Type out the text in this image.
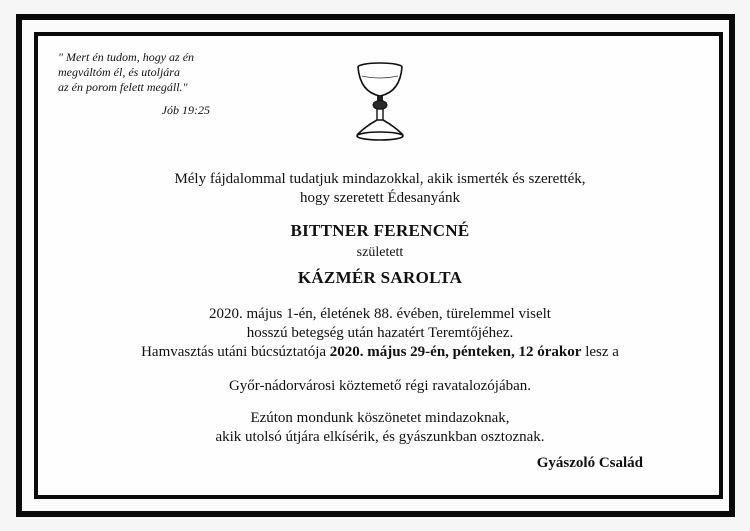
" Mert én tudom, hogy az én
megváltóm él, és utoljára
az én porom felett megáll."
Jób 19:25
Mély fájdalommal tudatjuk mindazokkal, akik ismerték és szerették,
hogy szeretett Édesanyánk
BITTNER FERENCNÉ
született
KÁZMÉR SAROLTA
2020. május 1-én, életének 88. évében, türelemmel viselt
hosszú betegség után hazatért Teremtőjéhez.
Hamvasztás utáni búcsúztatója 2020. május 29-én, pénteken, 12 órakor lesz a
Győr-nádorvárosi köztemető régi ravatalozójában.
Ezúton mondunk köszönetet mindazoknak,
akik utolsó útjára elkísérik, és gyászunkban osztoznak.
Gyászoló Család
